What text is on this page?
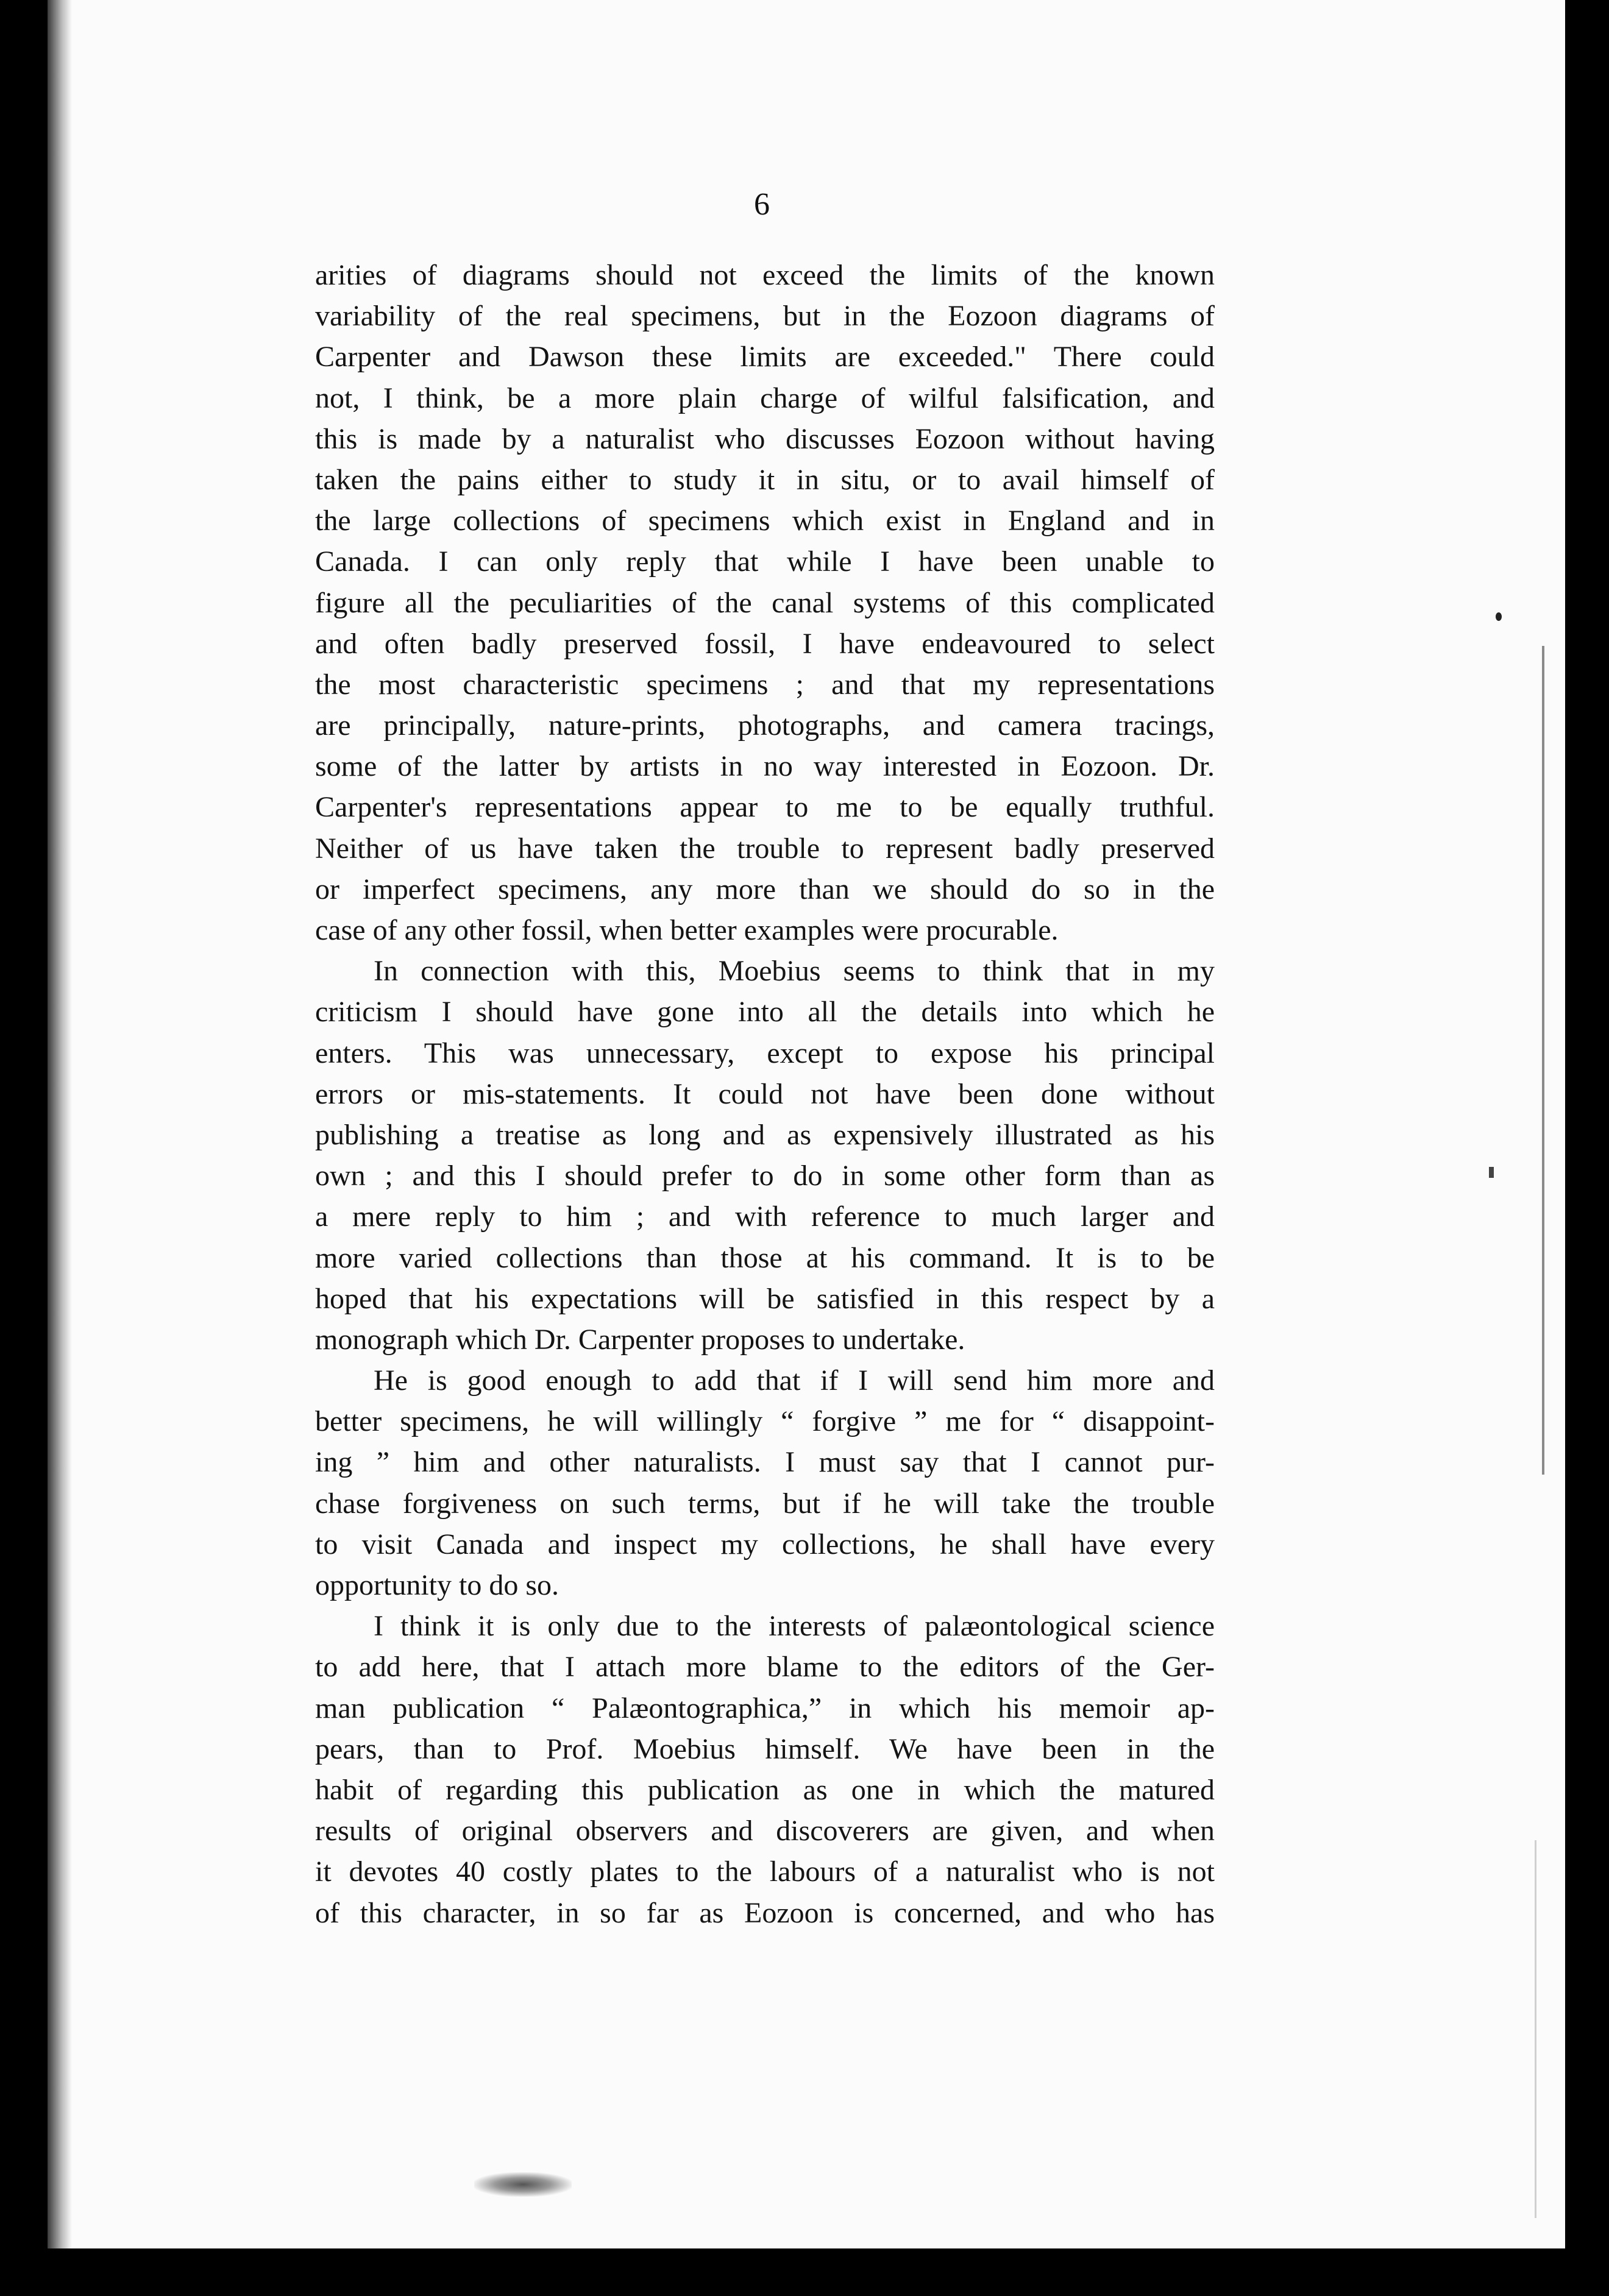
6
arities of diagrams should not exceed the limits of the known
variability of the real specimens, but in the Eozoon diagrams of
Carpenter and Dawson these limits are exceeded." There could
not, I think, be a more plain charge of wilful falsification, and
this is made by a naturalist who discusses Eozoon without having
taken the pains either to study it in situ, or to avail himself of
the large collections of specimens which exist in England and in
Canada. I can only reply that while I have been unable to
figure all the peculiarities of the canal systems of this complicated
and often badly preserved fossil, I have endeavoured to select
the most characteristic specimens ; and that my representations
are principally, nature-prints, photographs, and camera tracings,
some of the latter by artists in no way interested in Eozoon. Dr.
Carpenter's representations appear to me to be equally truthful.
Neither of us have taken the trouble to represent badly preserved
or imperfect specimens, any more than we should do so in the
case of any other fossil, when better examples were procurable.
In connection with this, Moebius seems to think that in my
criticism I should have gone into all the details into which he
enters. This was unnecessary, except to expose his principal
errors or mis-statements. It could not have been done without
publishing a treatise as long and as expensively illustrated as his
own ; and this I should prefer to do in some other form than as
a mere reply to him ; and with reference to much larger and
more varied collections than those at his command. It is to be
hoped that his expectations will be satisfied in this respect by a
monograph which Dr. Carpenter proposes to undertake.
He is good enough to add that if I will send him more and
better specimens, he will willingly “ forgive ” me for “ disappoint-
ing ” him and other naturalists. I must say that I cannot pur-
chase forgiveness on such terms, but if he will take the trouble
to visit Canada and inspect my collections, he shall have every
opportunity to do so.
I think it is only due to the interests of palæontological science
to add here, that I attach more blame to the editors of the Ger-
man publication “ Palæontographica,” in which his memoir ap-
pears, than to Prof. Moebius himself. We have been in the
habit of regarding this publication as one in which the matured
results of original observers and discoverers are given, and when
it devotes 40 costly plates to the labours of a naturalist who is not
of this character, in so far as Eozoon is concerned, and who has
